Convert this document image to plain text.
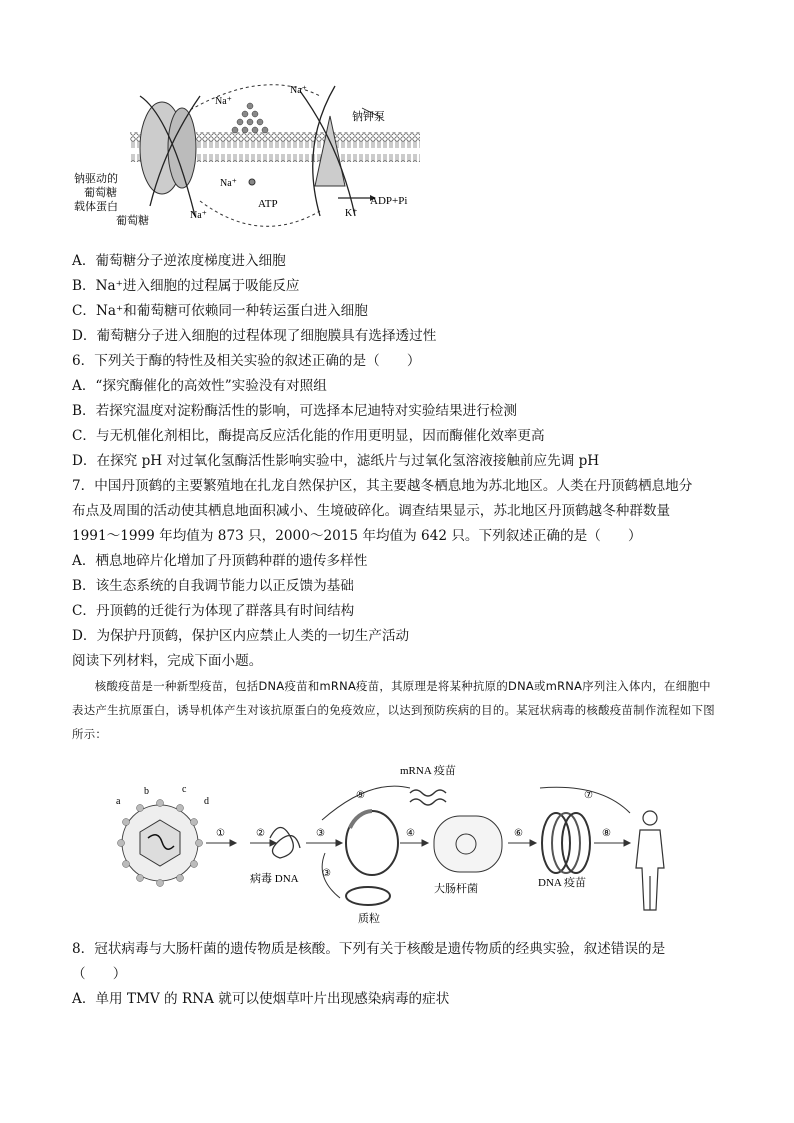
Na⁺
Na⁺
钠钾泵
钠驱动的
葡萄糖
载体蛋白
葡萄糖	Na⁺
Na⁺
ATP
K⁺
ADP+Pi
A．葡萄糖分子逆浓度梯度进入细胞
B．Na⁺进入细胞的过程属于吸能反应
C．Na⁺和葡萄糖可依赖同一种转运蛋白进入细胞
D．葡萄糖分子进入细胞的过程体现了细胞膜具有选择透过性
6．下列关于酶的特性及相关实验的叙述正确的是（　　）
A．“探究酶催化的高效性”实验没有对照组
B．若探究温度对淀粉酶活性的影响，可选择本尼迪特对实验结果进行检测
C．与无机催化剂相比，酶提高反应活化能的作用更明显，因而酶催化效率更高
D．在探究 pH 对过氧化氢酶活性影响实验中，滤纸片与过氧化氢溶液接触前应先调 pH
7．中国丹顶鹤的主要繁殖地在扎龙自然保护区，其主要越冬栖息地为苏北地区。人类在丹顶鹤栖息地分
布点及周围的活动使其栖息地面积减小、生境破碎化。调查结果显示，苏北地区丹顶鹤越冬种群数量
1991～1999 年均值为 873 只，2000～2015 年均值为 642 只。下列叙述正确的是（　　）
A．栖息地碎片化增加了丹顶鹤种群的遗传多样性
B．该生态系统的自我调节能力以正反馈为基础
C．丹顶鹤的迁徙行为体现了群落具有时间结构
D．为保护丹顶鹤，保护区内应禁止人类的一切生产活动
阅读下列材料，完成下面小题。
核酸疫苗是一种新型疫苗，包括DNA疫苗和mRNA疫苗，其原理是将某种抗原的DNA或mRNA序列注入体内，在细胞中表达产生抗原蛋白，诱导机体产生对该抗原蛋白的免疫效应，以达到预防疾病的目的。某冠状病毒的核酸疫苗制作流程如下图所示：
a
b	c
d
①	②	③	④
⑤
⑥
⑦
⑧
③
病毒 DNA
质粒
mRNA 疫苗
大肠杆菌	DNA 疫苗
8．冠状病毒与大肠杆菌的遗传物质是核酸。下列有关于核酸是遗传物质的经典实验，叙述错误的是
（　　）
A．单用 TMV 的 RNA 就可以使烟草叶片出现感染病毒的症状
